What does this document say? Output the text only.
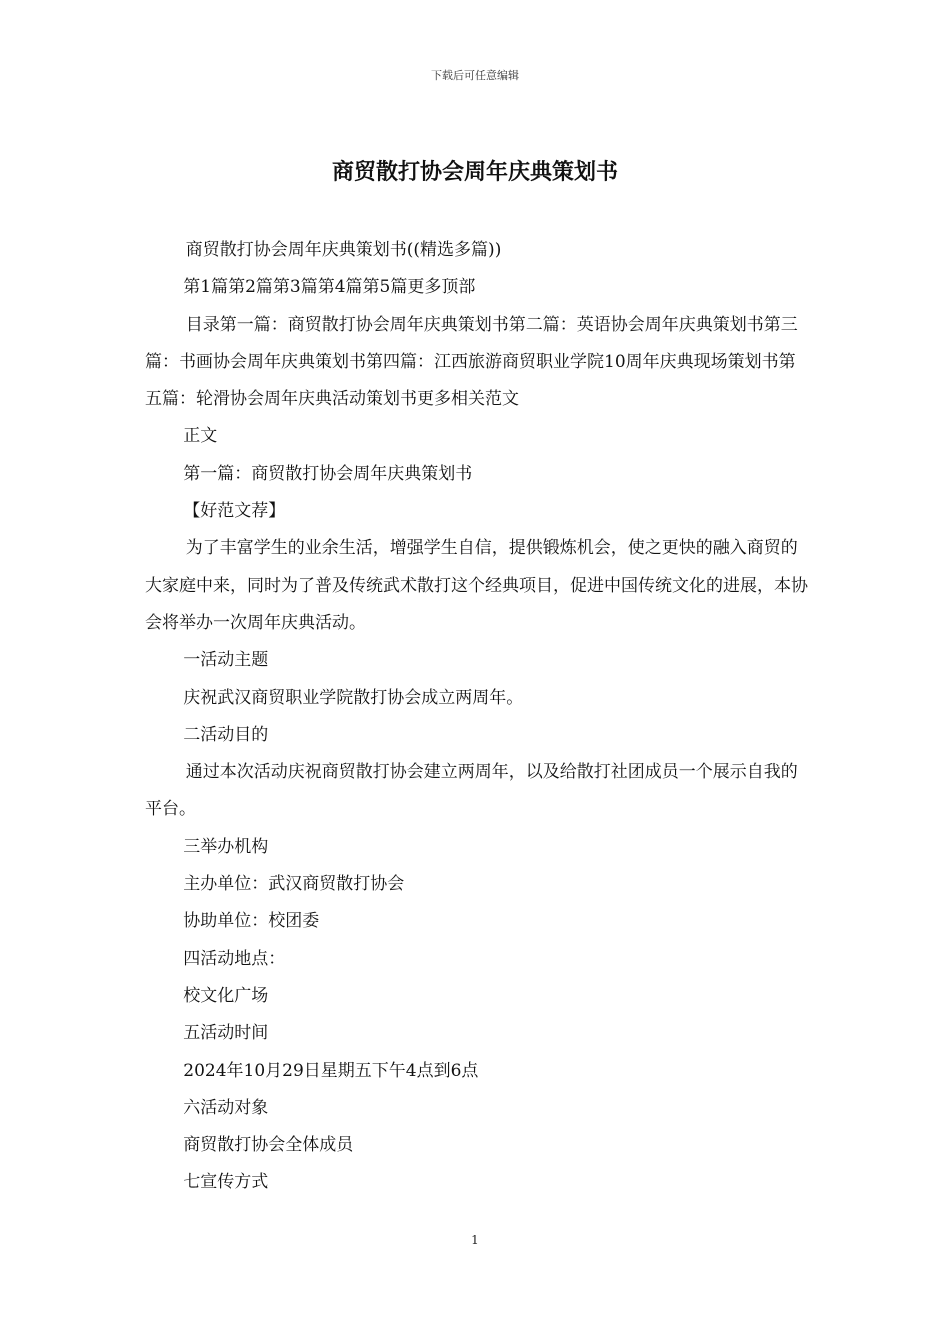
下载后可任意编辑
商贸散打协会周年庆典策划书

商贸散打协会周年庆典策划书((精选多篇))

第1篇第2篇第3篇第4篇第5篇更多顶部

目录第一篇：商贸散打协会周年庆典策划书第二篇：英语协会周年庆典策划书第三篇：书画协会周年庆典策划书第四篇：江西旅游商贸职业学院10周年庆典现场策划书第五篇：轮滑协会周年庆典活动策划书更多相关范文

正文

第一篇：商贸散打协会周年庆典策划书

【好范文荐】

为了丰富学生的业余生活，增强学生自信，提供锻炼机会，使之更快的融入商贸的大家庭中来，同时为了普及传统武术散打这个经典项目，促进中国传统文化的进展，本协会将举办一次周年庆典活动。

一活动主题

庆祝武汉商贸职业学院散打协会成立两周年。

二活动目的

通过本次活动庆祝商贸散打协会建立两周年，以及给散打社团成员一个展示自我的平台。

三举办机构

主办单位：武汉商贸散打协会

协助单位：校团委

四活动地点：

校文化广场

五活动时间

2024年10月29日星期五下午4点到6点

六活动对象

商贸散打协会全体成员

七宣传方式

1
